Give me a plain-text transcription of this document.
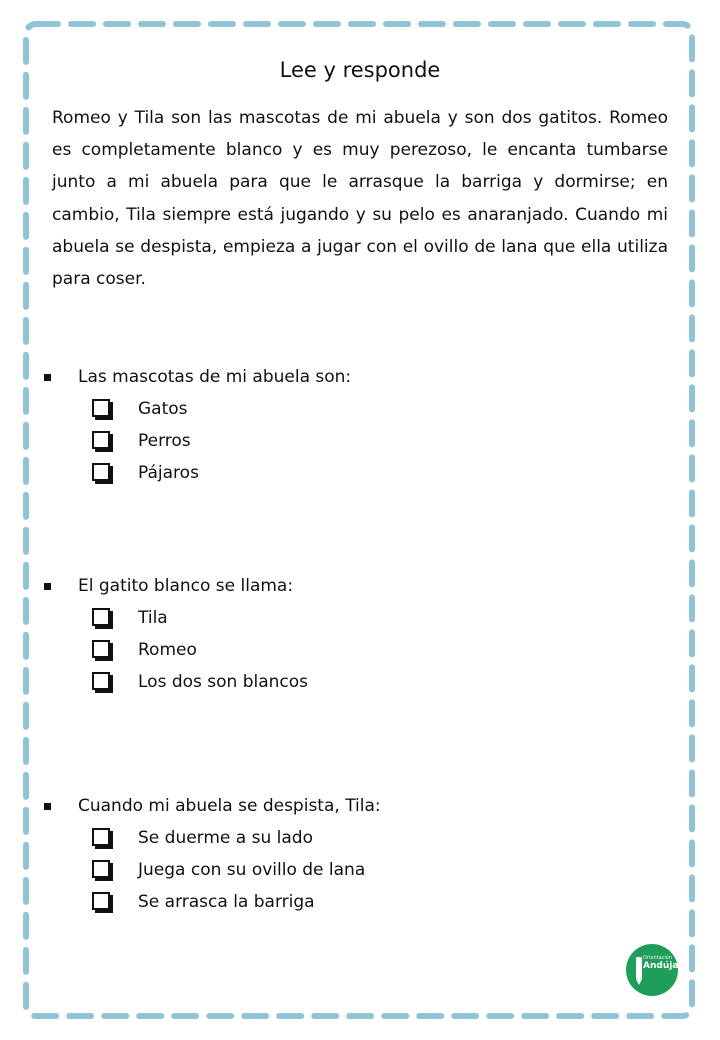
Lee y responde

Romeo y Tila son las mascotas de mi abuela y son dos gatitos. Romeo es completamente blanco y es muy perezoso, le encanta tumbarse junto a mi abuela para que le arrasque la barriga y dormirse; en cambio, Tila siempre está jugando y su pelo es anaranjado. Cuando mi abuela se despista, empieza a jugar con el ovillo de lana que ella utiliza para coser.

Las mascotas de mi abuela son:
Gatos
Perros
Pájaros
El gatito blanco se llama:
Tila
Romeo
Los dos son blancos
Cuando mi abuela se despista, Tila:
Se duerme a su lado
Juega con su ovillo de lana
Se arrasca la barriga
Orientación
Andújar
